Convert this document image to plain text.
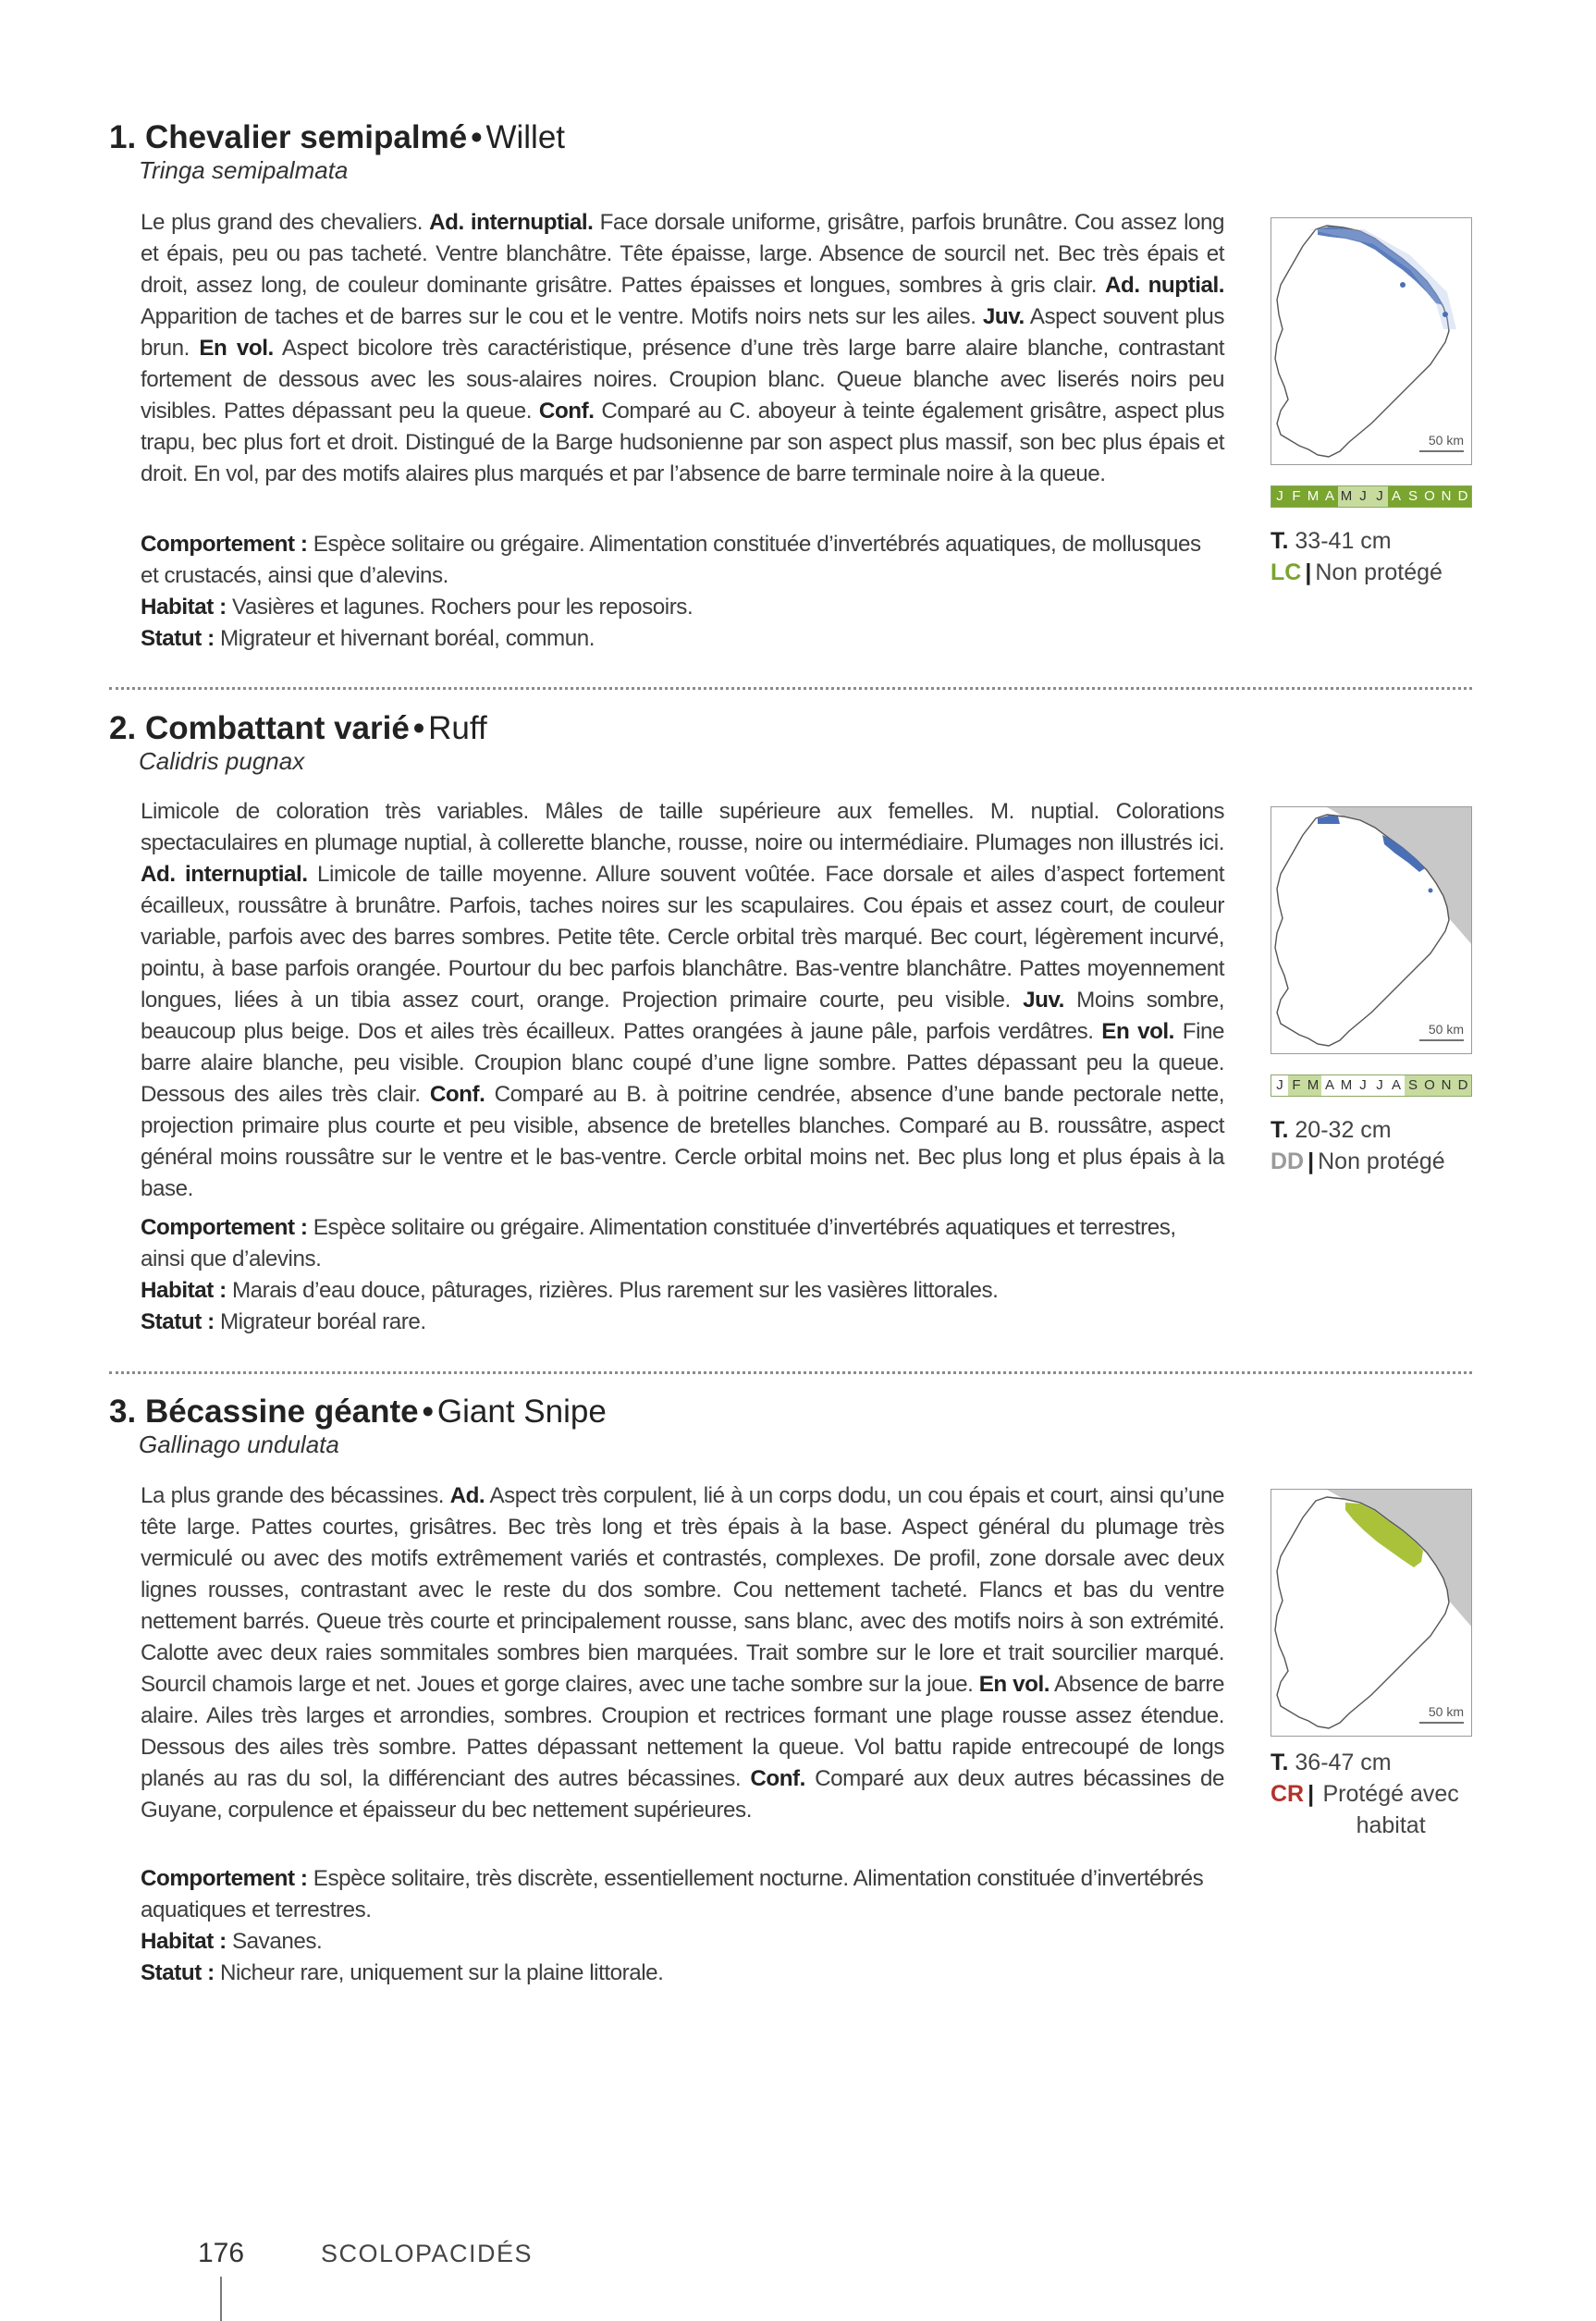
1. Chevalier semipalmé • Willet
Tringa semipalmata

Le plus grand des chevaliers. Ad. internuptial. Face dorsale uniforme, grisâtre, parfois brunâtre. Cou assez long et épais, peu ou pas tacheté. Ventre blanchâtre. Tête épaisse, large. Absence de sourcil net. Bec très épais et droit, assez long, de couleur dominante grisâtre. Pattes épaisses et longues, sombres à gris clair. Ad. nuptial. Apparition de taches et de barres sur le cou et le ventre. Motifs noirs nets sur les ailes. Juv. Aspect souvent plus brun. En vol. Aspect bicolore très caractéristique, présence d’une très large barre alaire blanche, contrastant fortement de dessous avec les sous-alaires noires. Croupion blanc. Queue blanche avec liserés noirs peu visibles. Pattes dépassant peu la queue. Conf. Comparé au C. aboyeur à teinte également grisâtre, aspect plus trapu, bec plus fort et droit. Distingué de la Barge hudsonienne par son aspect plus massif, son bec plus épais et droit. En vol, par des motifs alaires plus marqués et par l’absence de barre terminale noire à la queue.

Comportement : Espèce solitaire ou grégaire. Alimentation constituée d’invertébrés aquatiques, de mollusques et crustacés, ainsi que d’alevins.
Habitat : Vasières et lagunes. Rochers pour les reposoirs.
Statut : Migrateur et hivernant boréal, commun.
50 km
J F M A M J J A S O N D
T. 33-41 cm
LC | Non protégé
2. Combattant varié • Ruff
Calidris pugnax

Limicole de coloration très variables. Mâles de taille supérieure aux femelles. M. nuptial. Colorations spectaculaires en plumage nuptial, à collerette blanche, rousse, noire ou intermédiaire. Plumages non illustrés ici. Ad. internuptial. Limicole de taille moyenne. Allure souvent voûtée. Face dorsale et ailes d’aspect fortement écailleux, roussâtre à brunâtre. Parfois, taches noires sur les scapulaires. Cou épais et assez court, de couleur variable, parfois avec des barres sombres. Petite tête. Cercle orbital très marqué. Bec court, légèrement incurvé, pointu, à base parfois orangée. Pourtour du bec parfois blanchâtre. Bas-ventre blanchâtre. Pattes moyennement longues, liées à un tibia assez court, orange. Projection primaire courte, peu visible. Juv. Moins sombre, beaucoup plus beige. Dos et ailes très écailleux. Pattes orangées à jaune pâle, parfois verdâtres. En vol. Fine barre alaire blanche, peu visible. Croupion blanc coupé d’une ligne sombre. Pattes dépassant peu la queue. Dessous des ailes très clair. Conf. Comparé au B. à poitrine cendrée, absence d’une bande pectorale nette, projection primaire plus courte et peu visible, absence de bretelles blanches. Comparé au B. roussâtre, aspect général moins roussâtre sur le ventre et le bas-ventre. Cercle orbital moins net. Bec plus long et plus épais à la base.

Comportement : Espèce solitaire ou grégaire. Alimentation constituée d’invertébrés aquatiques et terrestres, ainsi que d’alevins.
Habitat : Marais d’eau douce, pâturages, rizières. Plus rarement sur les vasières littorales.
Statut : Migrateur boréal rare.
50 km
J F M A M J J A S O N D
T. 20-32 cm
DD | Non protégé
3. Bécassine géante • Giant Snipe
Gallinago undulata

La plus grande des bécassines. Ad. Aspect très corpulent, lié à un corps dodu, un cou épais et court, ainsi qu’une tête large. Pattes courtes, grisâtres. Bec très long et très épais à la base. Aspect général du plumage très vermiculé ou avec des motifs extrêmement variés et contrastés, complexes. De profil, zone dorsale avec deux lignes rousses, contrastant avec le reste du dos sombre. Cou nettement tacheté. Flancs et bas du ventre nettement barrés. Queue très courte et principalement rousse, sans blanc, avec des motifs noirs à son extrémité. Calotte avec deux raies sommitales sombres bien marquées. Trait sombre sur le lore et trait sourcilier marqué. Sourcil chamois large et net. Joues et gorge claires, avec une tache sombre sur la joue. En vol. Absence de barre alaire. Ailes très larges et arrondies, sombres. Croupion et rectrices formant une plage rousse assez étendue. Dessous des ailes très sombre. Pattes dépassant nettement la queue. Vol battu rapide entrecoupé de longs planés au ras du sol, la différenciant des autres bécassines. Conf. Comparé aux deux autres bécassines de Guyane, corpulence et épaisseur du bec nettement supérieures.

Comportement : Espèce solitaire, très discrète, essentiellement nocturne. Alimentation constituée d’invertébrés aquatiques et terrestres.
Habitat : Savanes.
Statut : Nicheur rare, uniquement sur la plaine littorale.
50 km
T. 36-47 cm
CR | Protégé avec habitat
176	SCOLOPACIDÉS
